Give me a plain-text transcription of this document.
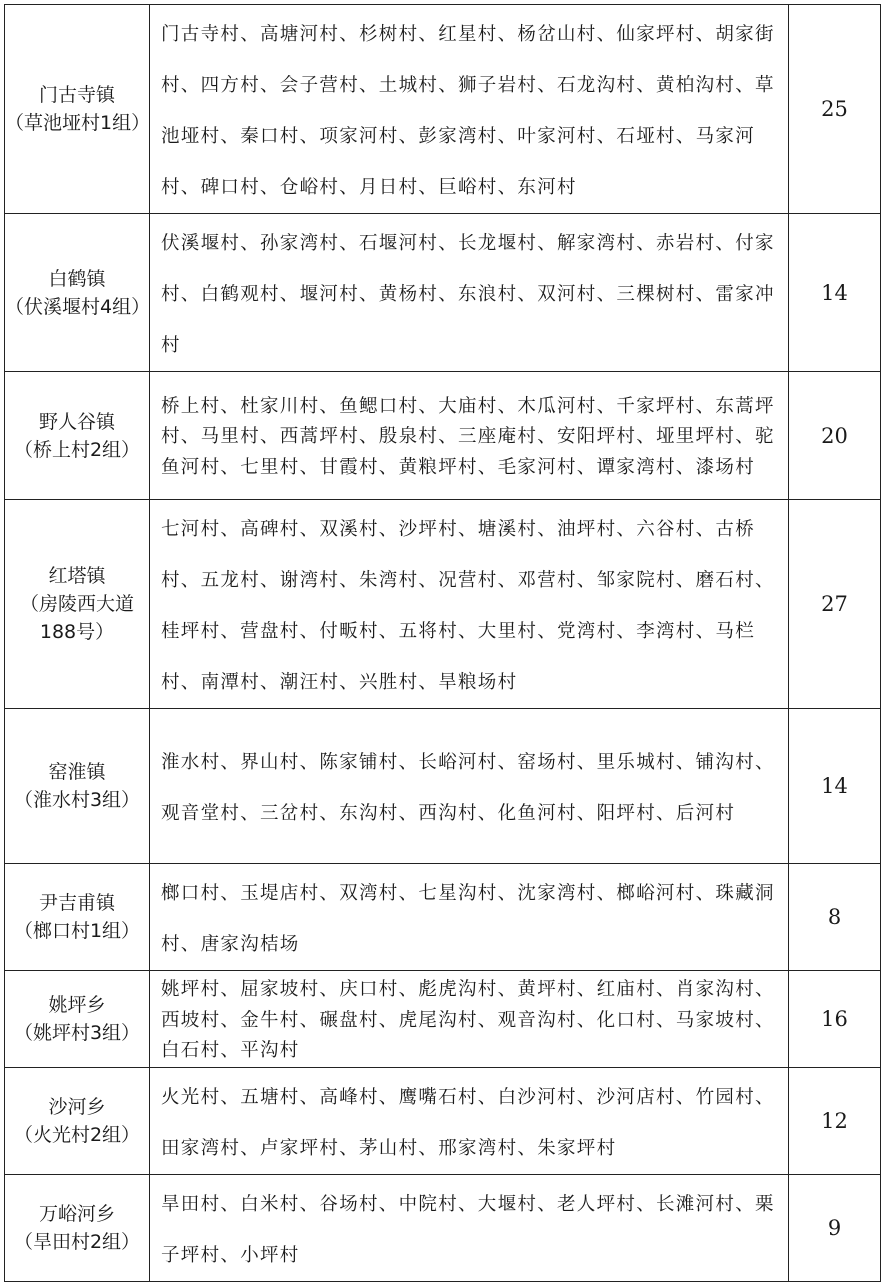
门古寺镇
（草池垭村1组）	门古寺村、高塘河村、杉树村、红星村、杨岔山村、仙家坪村、胡家街村、四方村、会子营村、土城村、狮子岩村、石龙沟村、黄柏沟村、草池垭村、秦口村、项家河村、彭家湾村、叶家河村、石垭村、马家河村、碑口村、仓峪村、月日村、巨峪村、东河村	25

白鹤镇
（伏溪堰村4组）	伏溪堰村、孙家湾村、石堰河村、长龙堰村、解家湾村、赤岩村、付家村、白鹤观村、堰河村、黄杨村、东浪村、双河村、三棵树村、雷家冲村	14

野人谷镇
（桥上村2组）	桥上村、杜家川村、鱼鳃口村、大庙村、木瓜河村、千家坪村、东蒿坪村、马里村、西蒿坪村、殷泉村、三座庵村、安阳坪村、垭里坪村、驼鱼河村、七里村、甘霞村、黄粮坪村、毛家河村、谭家湾村、漆场村	20

红塔镇
（房陵西大道188号）	七河村、高碑村、双溪村、沙坪村、塘溪村、油坪村、六谷村、古桥村、五龙村、谢湾村、朱湾村、况营村、邓营村、邹家院村、磨石村、桂坪村、营盘村、付畈村、五将村、大里村、党湾村、李湾村、马栏村、南潭村、潮汪村、兴胜村、旱粮场村	27

窑淮镇
（淮水村3组）	淮水村、界山村、陈家铺村、长峪河村、窑场村、里乐城村、铺沟村、观音堂村、三岔村、东沟村、西沟村、化鱼河村、阳坪村、后河村	14

尹吉甫镇
（榔口村1组）	榔口村、玉堤店村、双湾村、七星沟村、沈家湾村、榔峪河村、珠藏洞村、唐家沟桔场	8

姚坪乡
（姚坪村3组）	姚坪村、屈家坡村、庆口村、彪虎沟村、黄坪村、红庙村、肖家沟村、西坡村、金牛村、碾盘村、虎尾沟村、观音沟村、化口村、马家坡村、白石村、平沟村	16

沙河乡
（火光村2组）	火光村、五塘村、高峰村、鹰嘴石村、白沙河村、沙河店村、竹园村、田家湾村、卢家坪村、茅山村、邢家湾村、朱家坪村	12

万峪河乡
（旱田村2组）	旱田村、白米村、谷场村、中院村、大堰村、老人坪村、长滩河村、栗子坪村、小坪村	9
